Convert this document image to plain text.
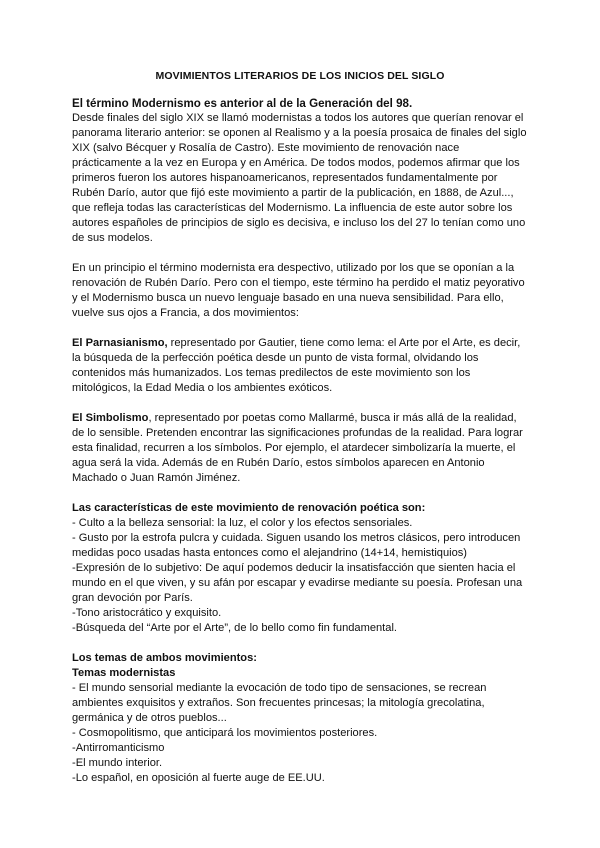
MOVIMIENTOS LITERARIOS DE LOS INICIOS DEL SIGLO
El término Modernismo es anterior al de la Generación del 98.
Desde finales del siglo XIX se llamó modernistas a todos los autores que querían renovar el panorama literario anterior: se oponen al Realismo y a la poesía prosaica de finales del siglo XIX (salvo Bécquer y Rosalía de Castro). Este movimiento de renovación nace prácticamente a la vez en Europa y en América. De todos modos, podemos afirmar que los primeros fueron los autores hispanoamericanos, representados fundamentalmente por Rubén Darío, autor que fijó este movimiento a partir de la publicación, en 1888, de Azul..., que refleja todas las características del Modernismo. La influencia de este autor sobre los autores españoles de principios de siglo es decisiva, e incluso los del 27 lo tenían como uno de sus modelos.
En un principio el término modernista era despectivo, utilizado por los que se oponían a la renovación de Rubén Darío. Pero con el tiempo, este término ha perdido el matiz peyorativo y el Modernismo busca un nuevo lenguaje basado en una nueva sensibilidad. Para ello, vuelve sus ojos a Francia, a dos movimientos:
El Parnasianismo, representado por Gautier, tiene como lema: el Arte por el Arte, es decir, la búsqueda de la perfección poética desde un punto de vista formal, olvidando los contenidos más humanizados. Los temas predilectos de este movimiento son los mitológicos, la Edad Media o los ambientes exóticos.
El Simbolismo, representado por poetas como Mallarmé, busca ir más allá de la realidad, de lo sensible. Pretenden encontrar las significaciones profundas de la realidad. Para lograr esta finalidad, recurren a los símbolos. Por ejemplo, el atardecer simbolizaría la muerte, el agua será la vida. Además de en Rubén Darío, estos símbolos aparecen en Antonio Machado o Juan Ramón Jiménez.
Las características de este movimiento de renovación poética son:
- Culto a la belleza sensorial: la luz, el color y los efectos sensoriales.
- Gusto por la estrofa pulcra y cuidada. Siguen usando los metros clásicos, pero introducen medidas poco usadas hasta entonces como el alejandrino (14+14, hemistiquios)
-Expresión de lo subjetivo: De aquí podemos deducir la insatisfacción que sienten hacia el mundo en el que viven, y su afán por escapar y evadirse mediante su poesía. Profesan una gran devoción por París.
-Tono aristocrático y exquisito.
-Búsqueda del “Arte por el Arte”, de lo bello como fin fundamental.
Los temas de ambos movimientos:
Temas modernistas
- El mundo sensorial mediante la evocación de todo tipo de sensaciones, se recrean ambientes exquisitos y extraños. Son frecuentes princesas; la mitología grecolatina, germánica y de otros pueblos...
- Cosmopolitismo, que anticipará los movimientos posteriores.
-Antirromanticismo
-El mundo interior.
-Lo español, en oposición al fuerte auge de EE.UU.
